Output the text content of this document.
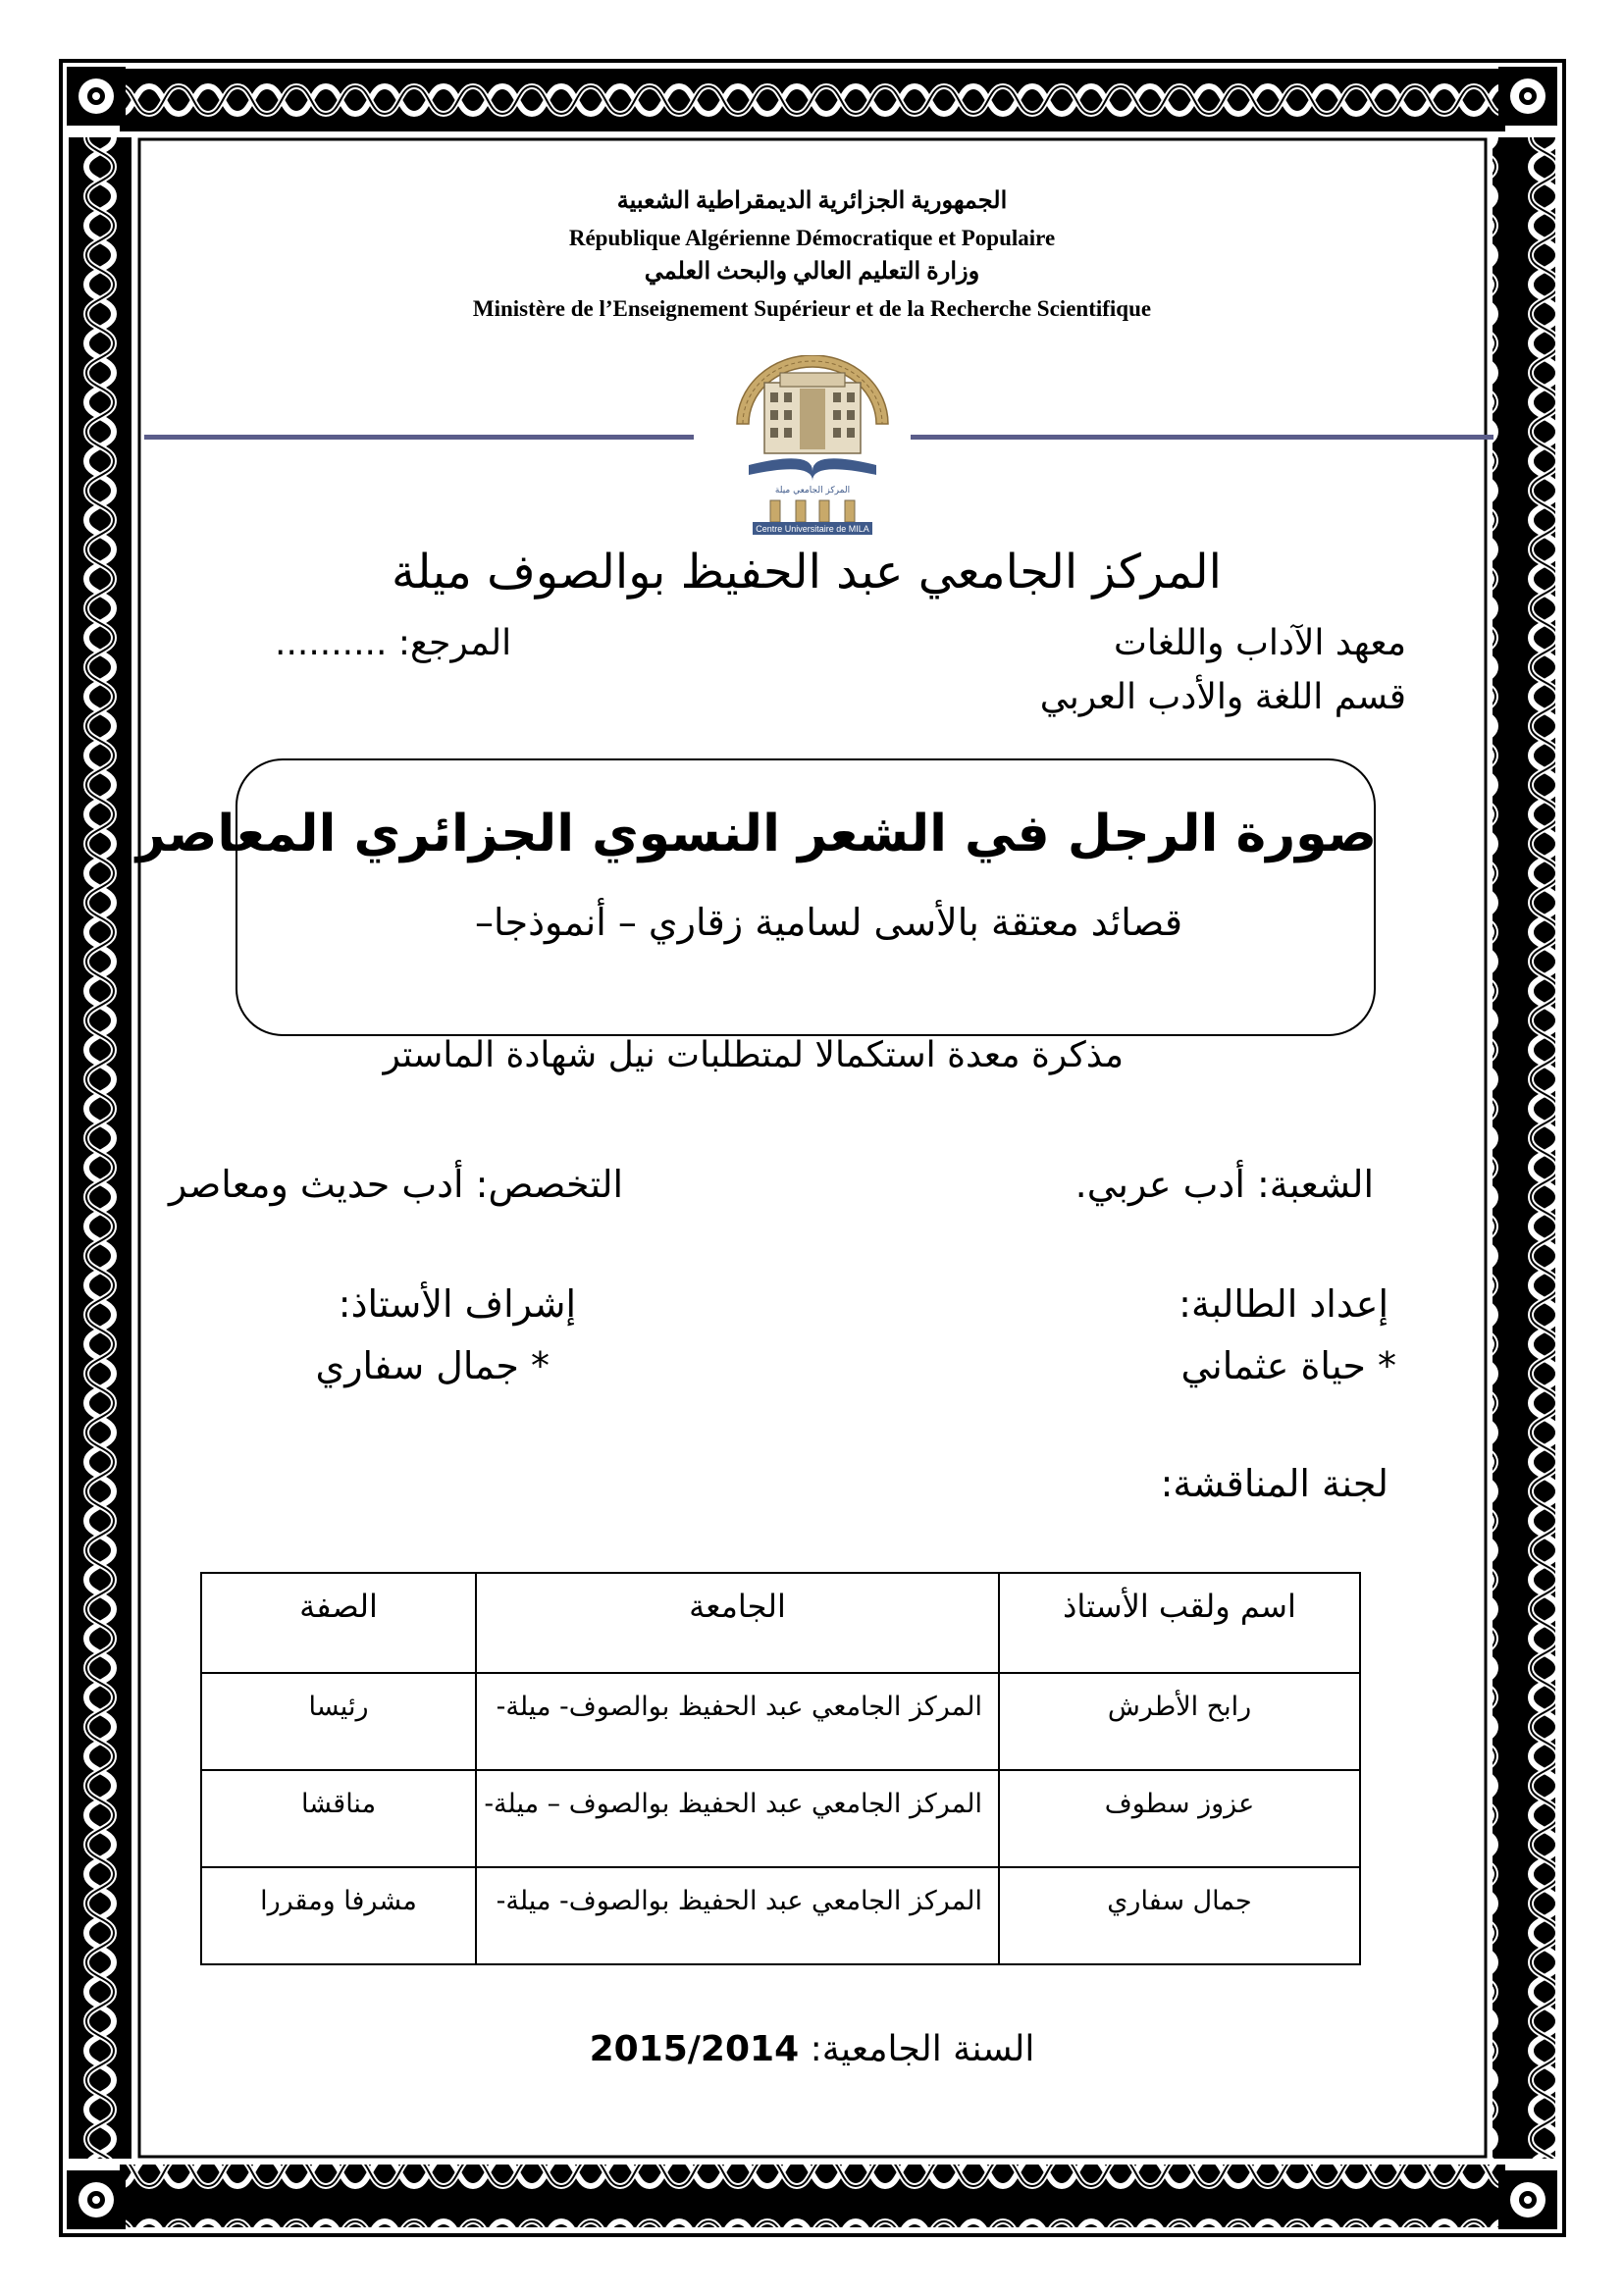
الجمهورية الجزائرية الديمقراطية الشعبية
République Algérienne Démocratique et Populaire
وزارة التعليم العالي والبحث العلمي
Ministère de l’Enseignement Supérieur et de la Recherche Scientifique
المركز الجامعي ميلة
Centre Universitaire de MILA
المركز الجامعي عبد الحفيظ بوالصوف ميلة
معهد الآداب واللغات
المرجع: ..........
قسم اللغة والأدب العربي
صورة الرجل في الشعر النسوي الجزائري المعاصر
قصائد معتقة بالأسى لسامية زقاري – أنموذجا–
مذكرة معدة استكمالا لمتطلبات نيل شهادة الماستر
الشعبة: أدب عربي.
التخصص: أدب حديث ومعاصر
إعداد الطالبة:
إشراف الأستاذ:
* حياة عثماني
* جمال سفاري
لجنة المناقشة:
اسم ولقب الأستاذ	الجامعة	الصفة
رابح الأطرش	المركز الجامعي عبد الحفيظ بوالصوف- ميلة-	رئيسا
عزوز سطوف	المركز الجامعي عبد الحفيظ بوالصوف – ميلة-	مناقشا
جمال سفاري	المركز الجامعي عبد الحفيظ بوالصوف- ميلة-	مشرفا ومقررا
السنة الجامعية: 2015/2014
